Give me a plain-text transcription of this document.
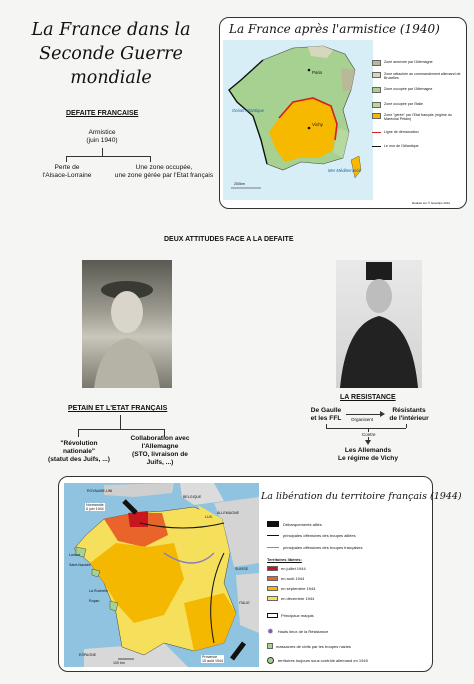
La France dans la Seconde Guerre mondiale
La France après l'armistice (1940)
Paris
Vichy
Océan Atlantique
Mer Méditerranée
200km
Zone annexée par l'Allemagne
Zone rattachée au commandement allemand de Bruxelles
Zone occupée par l'Allemagne
Zone occupée par l'Italie
Zone "gérée" par l'Etat français (régime du Maréchal Pétain)
Ligne de démarcation
Le mur de l'Atlantique
Réalisé sur © Géoclips 2012
DEFAITE FRANCAISE
Armistice
(juin 1940)
Perte de
l'Alsace-Lorraine
Une zone occupée,
une zone gérée par l'Etat français
DEUX ATTITUDES FACE A LA DEFAITE
PETAIN ET L'ETAT FRANÇAIS
"Révolution
nationale"
(statut des Juifs, ...)
Collaboration avec
l'Allemagne
(STO, livraison de
Juifs, ...)
LA RESISTANCE
De Gaulle
et les FFL	Organisent
Résistants
de l'intérieur
Contre
Les Allemands
Le régime de Vichy
La libération du territoire français (1944)
ROYAUME-UNI
BELGIQUE
ALLEMAGNE
LUX.
SUISSE
ITALIE
ESPAGNE
Normandie
6 juin 1944
Provence
15 août 1944
Lorient
Saint-Nazaire
La Rochelle
Royan
100 km
Débarquements alliés
principales offensives des troupes alliées
principales offensives des troupes françaises
Territoires libérés:
en juillet 1944
en août 1944
en septembre 1944
en décembre 1944
Principaux maquis
✸ Hauts lieux de la Résistance
massacres de civils par les troupes nazies
territoires toujours sous contrôle allemand en 1945
